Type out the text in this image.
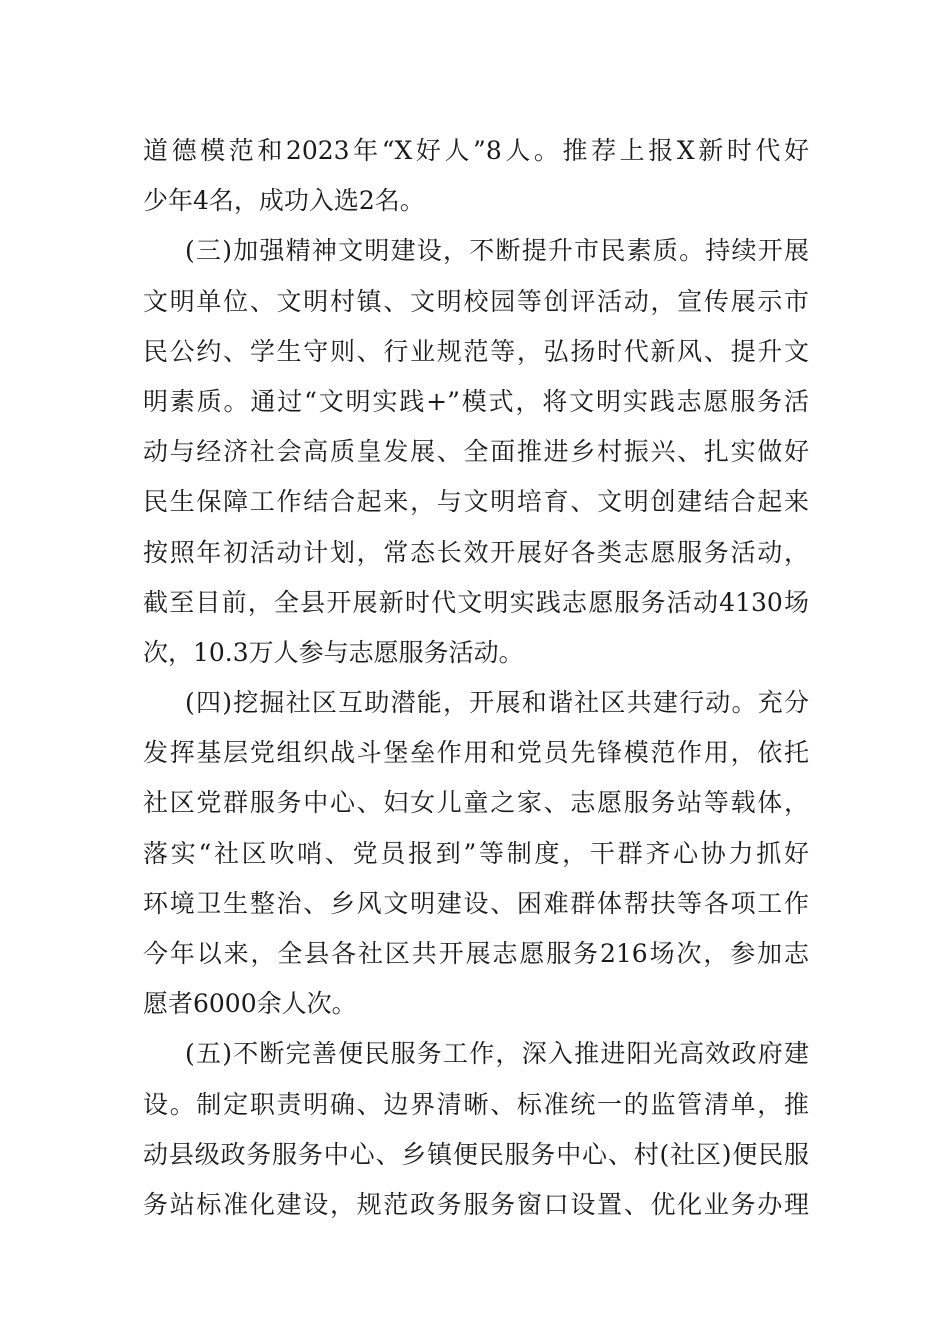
道德模范和2023年“X好人”8人。推荐上报X新时代好
少年4名，成功入选2名。
(三)加强精神文明建设，不断提升市民素质。持续开展
文明单位、文明村镇、文明校园等创评活动，宣传展示市
民公约、学生守则、行业规范等，弘扬时代新风、提升文
明素质。通过“文明实践+”模式，将文明实践志愿服务活
动与经济社会高质皇发展、全面推进乡村振兴、扎实做好
民生保障工作结合起来，与文明培育、文明创建结合起来
按照年初活动计划，常态长效开展好各类志愿服务活动，
截至目前，全县开展新时代文明实践志愿服务活动4130场
次，10.3万人参与志愿服务活动。
(四)挖掘社区互助潜能，开展和谐社区共建行动。充分
发挥基层党组织战斗堡垒作用和党员先锋模范作用，依托
社区党群服务中心、妇女儿童之家、志愿服务站等载体，
落实“社区吹哨、党员报到”等制度，干群齐心协力抓好
环境卫生整治、乡风文明建设、困难群体帮扶等各项工作
今年以来，全县各社区共开展志愿服务216场次，参加志
愿者6000余人次。
(五)不断完善便民服务工作，深入推进阳光高效政府建
设。制定职责明确、边界清晰、标准统一的监管清单，推
动县级政务服务中心、乡镇便民服务中心、村(社区)便民服
务站标准化建设，规范政务服务窗口设置、优化业务办理
